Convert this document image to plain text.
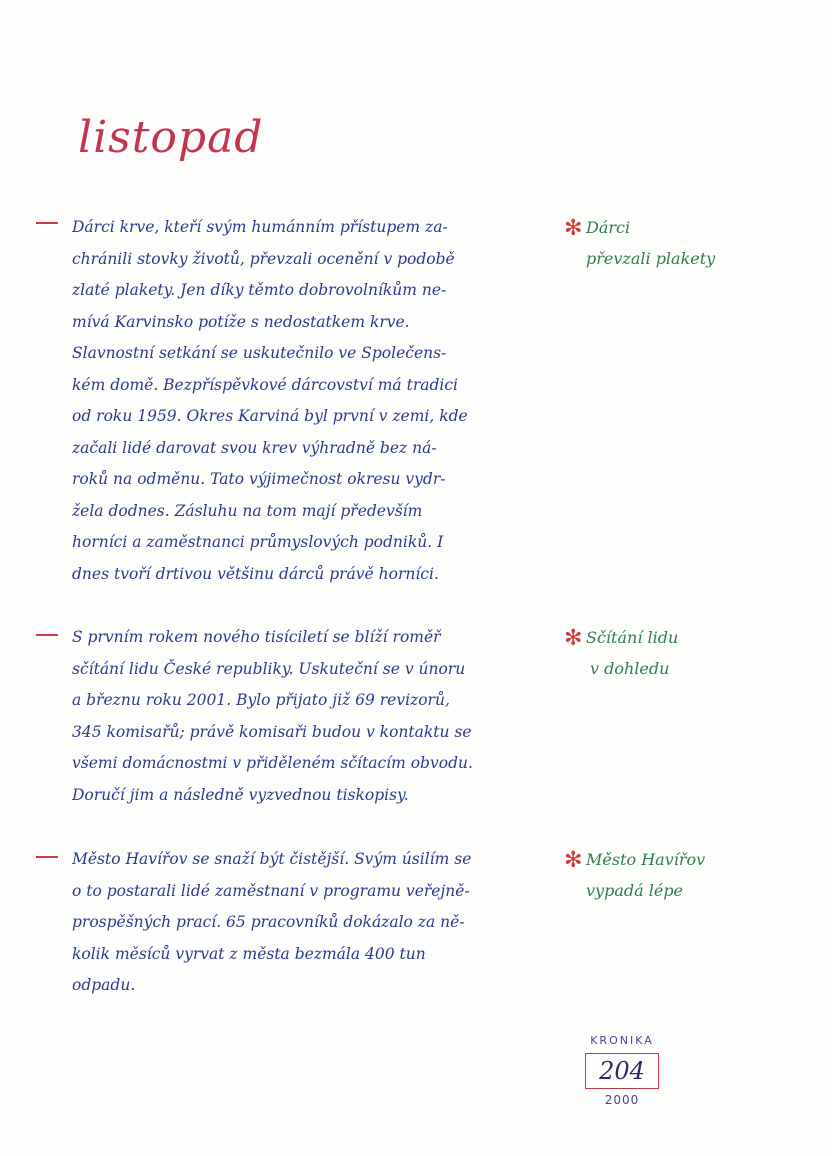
listopad
Dárci krve, kteří svým humánním přístupem za-
chránili stovky životů, převzali ocenění v podobě
zlaté plakety. Jen díky těmto dobrovolníkům ne-
mívá Karvinsko potíže s nedostatkem krve.
Slavnostní setkání se uskutečnilo ve Společens-
kém domě. Bezpříspěvkové dárcovství má tradici
od roku 1959. Okres Karviná byl první v zemi, kde
začali lidé darovat svou krev výhradně bez ná-
roků na odměnu. Tato výjimečnost okresu vydr-
žela dodnes. Zásluhu na tom mají především
horníci a zaměstnanci průmyslových podniků. I
dnes tvoří drtivou většinu dárců právě horníci.
✻ Dárci
převzali plakety
S prvním rokem nového tisíciletí se blíží roměř
sčítání lidu České republiky. Uskuteční se v únoru
a březnu roku 2001. Bylo přijato již 69 revizorů,
345 komisařů; právě komisaři budou v kontaktu se
všemi domácnostmi v přiděleném sčítacím obvodu.
Doručí jim a následně vyzvednou tiskopisy.
✻ Sčítání lidu
v dohledu
Město Havířov se snaží být čistější. Svým úsilím se
o to postarali lidé zaměstnaní v programu veřejně-
prospěšných prací. 65 pracovníků dokázalo za ně-
kolik měsíců vyrvat z města bezmála 400 tun
odpadu.
✻ Město Havířov
vypadá lépe
KRONIKA
204
2000
